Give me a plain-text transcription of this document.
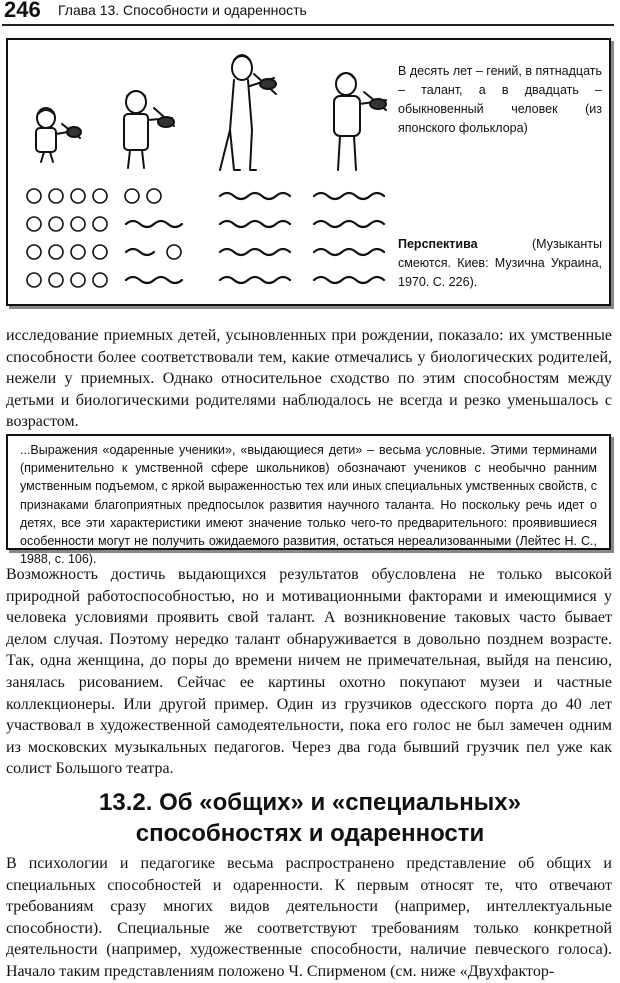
246 Глава 13. Способности и одаренность
В десять лет – гений, в пятнадцать – талант, а в двадцать – обыкновенный человек (из японского фольклора)
Перспектива (Музыканты смеются. Киев: Музична Украина, 1970. С. 226).
исследование приемных детей, усыновленных при рождении, показало: их умственные способности более соответствовали тем, какие отмечались у биологических родителей, нежели у приемных. Однако относительное сходство по этим способностям между детьми и биологическими родителями наблюдалось не всегда и резко уменьшалось с возрастом.
...Выражения «одаренные ученики», «выдающиеся дети» – весьма условные. Этими терминами (применительно к умственной сфере школьников) обозначают учеников с необычно ранним умственным подъемом, с яркой выраженностью тех или иных специальных умственных свойств, с признаками благоприятных предпосылок развития научного таланта. Но поскольку речь идет о детях, все эти характеристики имеют значение только чего-то предварительного: проявившиеся особенности могут не получить ожидаемого развития, остаться нереализованными (Лейтес Н. С., 1988, с. 106).
Возможность достичь выдающихся результатов обусловлена не только высокой природной работоспособностью, но и мотивационными факторами и имеющимися у человека условиями проявить свой талант. А возникновение таковых часто бывает делом случая. Поэтому нередко талант обнаруживается в довольно позднем возрасте. Так, одна женщина, до поры до времени ничем не примечательная, выйдя на пенсию, занялась рисованием. Сейчас ее картины охотно покупают музеи и частные коллекционеры. Или другой пример. Один из грузчиков одесского порта до 40 лет участвовал в художественной самодеятельности, пока его голос не был замечен одним из московских музыкальных педагогов. Через два года бывший грузчик пел уже как солист Большого театра.
13.2. Об «общих» и «специальных»
способностях и одаренности
В психологии и педагогике весьма распространено представление об общих и специальных способностей и одаренности. К первым относят те, что отвечают требованиям сразу многих видов деятельности (например, интеллектуальные способности). Специальные же соответствуют требованиям только конкретной деятельности (например, художественные способности, наличие певческого голоса). Начало таким представлениям положено Ч. Спирменом (см. ниже «Двухфактор-
